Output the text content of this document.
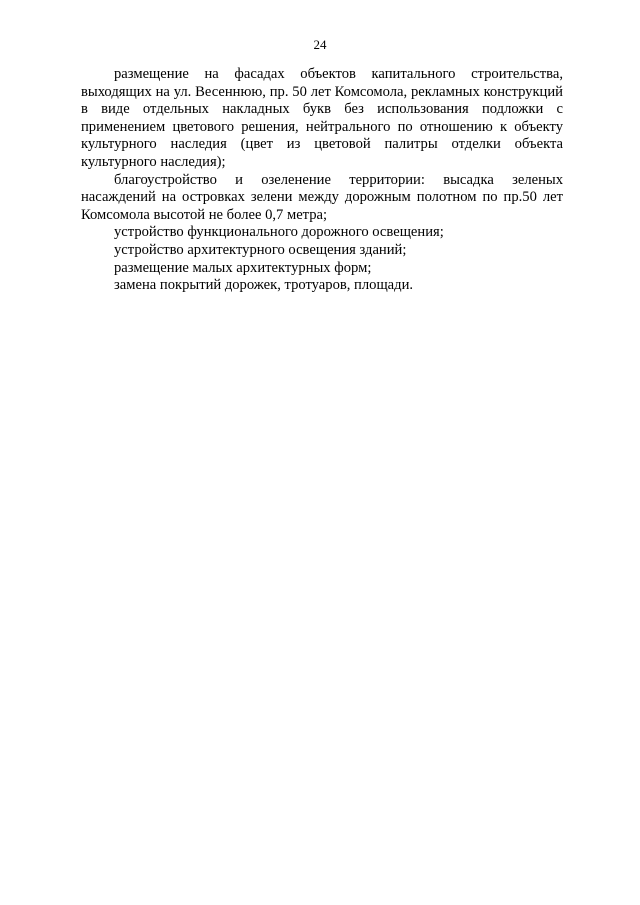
24

размещение на фасадах объектов капитального строительства, выходящих на ул. Весеннюю, пр. 50 лет Комсомола, рекламных конструкций в виде отдельных накладных букв без использования подложки с применением цветового решения, нейтрального по отношению к объекту культурного наследия (цвет из цветовой палитры отделки объекта культурного наследия);

благоустройство и озеленение территории: высадка зеленых насаждений на островках зелени между дорожным полотном по пр.50 лет Комсомола высотой не более 0,7 метра;

устройство функционального дорожного освещения;

устройство архитектурного освещения зданий;

размещение малых архитектурных форм;

замена покрытий дорожек, тротуаров, площади.
